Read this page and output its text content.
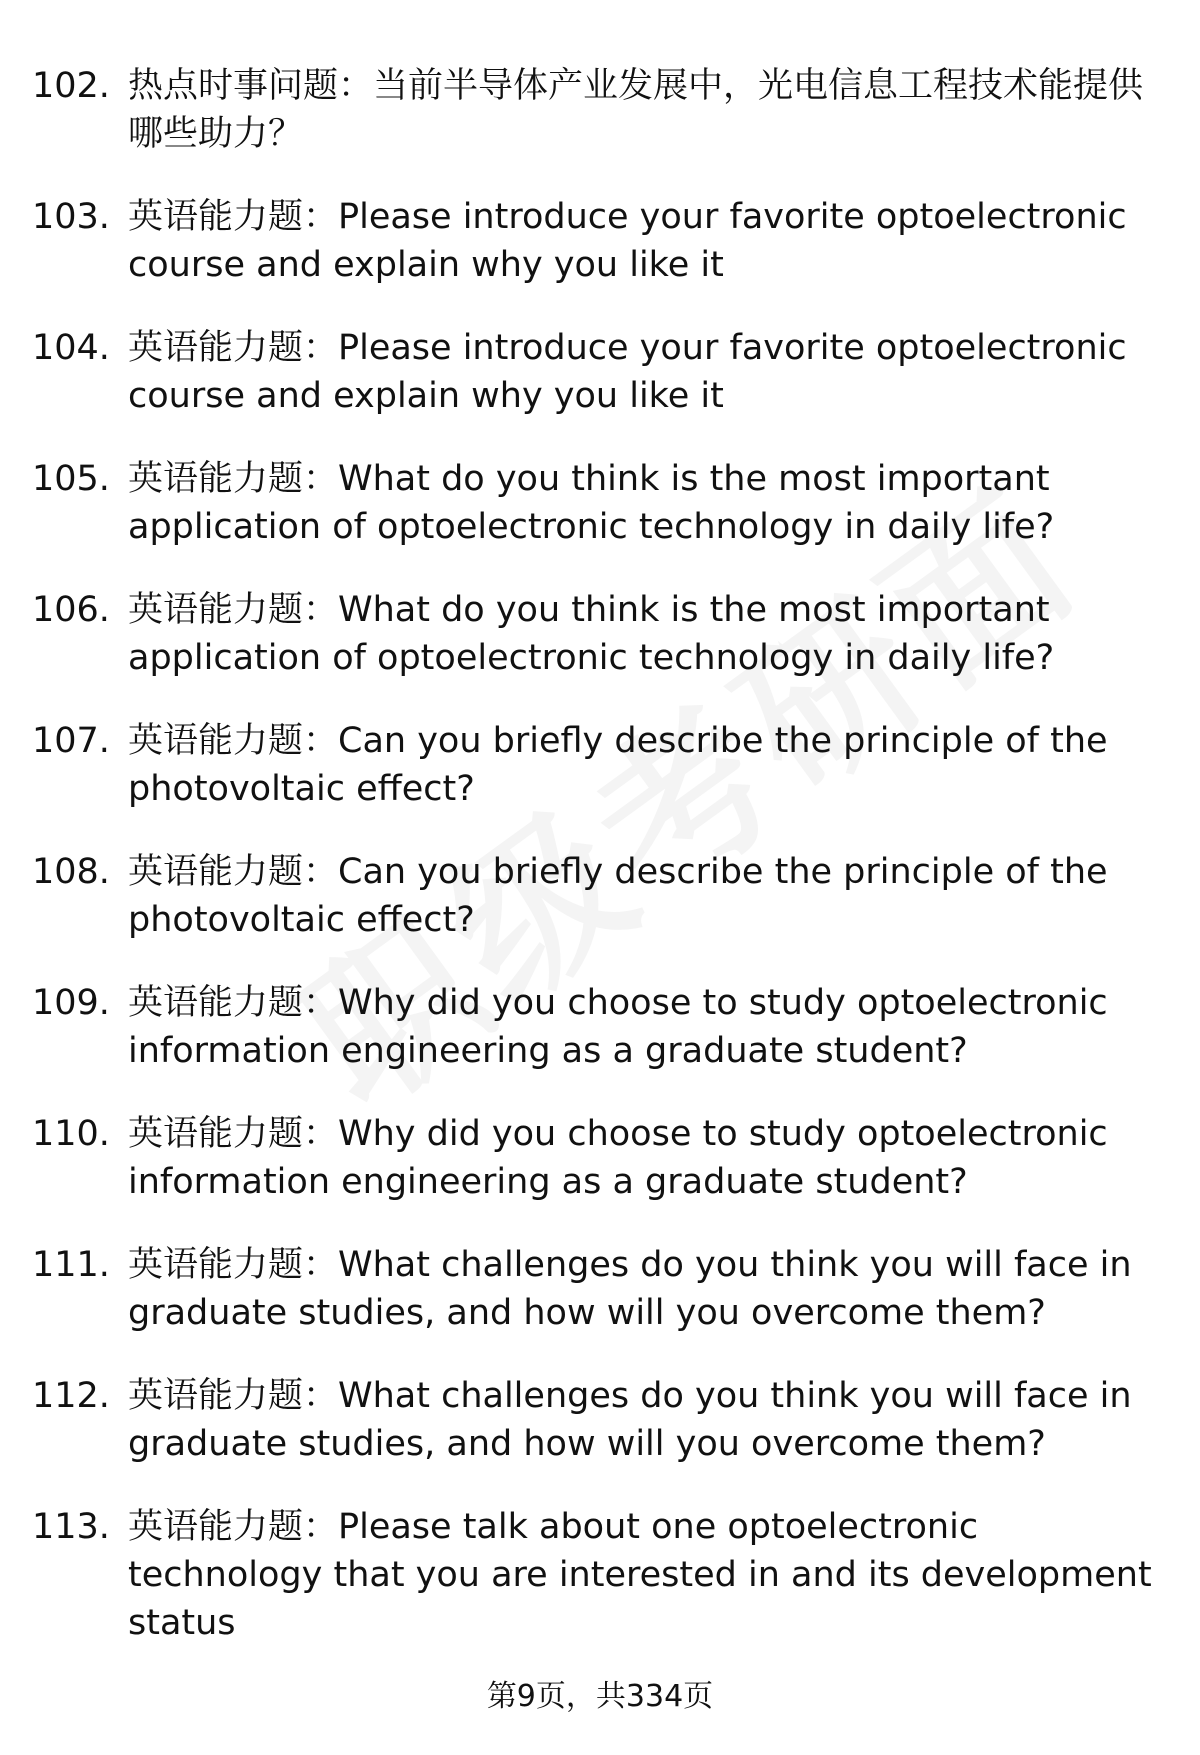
102. 热点时事问题：当前半导体产业发展中，光电信息工程技术能提供哪些助力？
103. 英语能力题：Please introduce your favorite optoelectronic course and explain why you like it
104. 英语能力题：Please introduce your favorite optoelectronic course and explain why you like it
105. 英语能力题：What do you think is the most important application of optoelectronic technology in daily life?
106. 英语能力题：What do you think is the most important application of optoelectronic technology in daily life?
107. 英语能力题：Can you briefly describe the principle of the photovoltaic effect?
108. 英语能力题：Can you briefly describe the principle of the photovoltaic effect?
109. 英语能力题：Why did you choose to study optoelectronic information engineering as a graduate student?
110. 英语能力题：Why did you choose to study optoelectronic information engineering as a graduate student?
111. 英语能力题：What challenges do you think you will face in graduate studies, and how will you overcome them?
112. 英语能力题：What challenges do you think you will face in graduate studies, and how will you overcome them?
113. 英语能力题：Please talk about one optoelectronic technology that you are interested in and its development status
第9页，共334页
